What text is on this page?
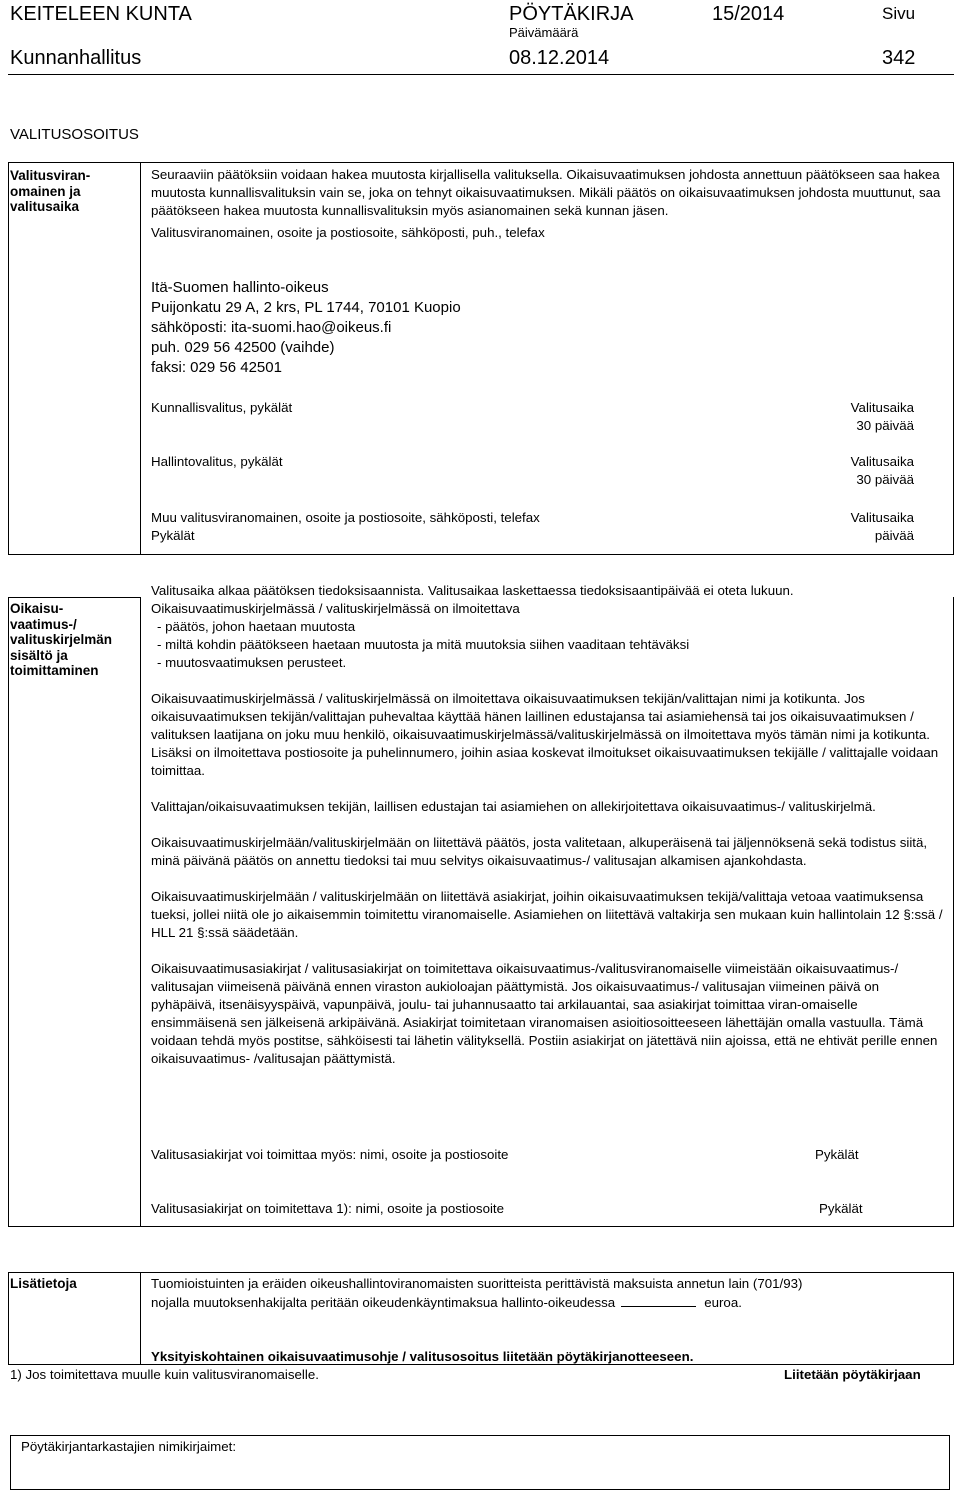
KEITELEEN KUNTA	PÖYTÄKIRJA	15/2014	Sivu
Päivämäärä
Kunnanhallitus	08.12.2014	342
VALITUSOSOITUS
Valitusviran-
omainen ja
valitusaika

Seuraaviin päätöksiin voidaan hakea muutosta kirjallisella valituksella. Oikaisuvaatimuksen johdosta annettuun päätökseen saa hakea muutosta kunnallisvalituksin vain se, joka on tehnyt oikaisuvaatimuksen. Mikäli päätös on oikaisuvaatimuksen johdosta muuttunut, saa päätökseen hakea muutosta kunnallisvalituksin myös asianomainen sekä kunnan jäsen.

Valitusviranomainen, osoite ja postiosoite, sähköposti, puh., telefax

Itä-Suomen hallinto-oikeus
Puijonkatu 29 A, 2 krs, PL 1744, 70101 Kuopio
sähköposti: ita-suomi.hao@oikeus.fi
puh. 029 56 42500 (vaihde)
faksi: 029 56 42501
Kunnallisvalitus, pykälät	Valitusaika
30 päivää
Hallintovalitus, pykälät	Valitusaika
30 päivää
Muu valitusviranomainen, osoite ja postiosoite, sähköposti, telefax
Pykälät
Valitusaika
päivää
Oikaisu-
vaatimus-/
valituskirjelmän
sisältö ja
toimittaminen

Valitusaika alkaa päätöksen tiedoksisaannista. Valitusaikaa laskettaessa tiedoksisaantipäivää ei oteta lukuun.

Oikaisuvaatimuskirjelmässä / valituskirjelmässä on ilmoitettava

- päätös, johon haetaan muutosta
- miltä kohdin päätökseen haetaan muutosta ja mitä muutoksia siihen vaaditaan tehtäväksi
- muutosvaatimuksen perusteet.

Oikaisuvaatimuskirjelmässä / valituskirjelmässä on ilmoitettava oikaisuvaatimuksen tekijän/valittajan nimi ja kotikunta. Jos oikaisuvaatimuksen tekijän/valittajan puhevaltaa käyttää hänen laillinen edustajansa tai asiamiehensä tai jos oikaisuvaatimuksen / valituksen laatijana on joku muu henkilö, oikaisuvaatimuskirjelmässä/valituskirjelmässä on ilmoitettava myös tämän nimi ja kotikunta. Lisäksi on ilmoitettava postiosoite ja puhelinnumero, joihin asiaa koskevat ilmoitukset oikaisuvaatimuksen tekijälle / valittajalle voidaan toimittaa.

Valittajan/oikaisuvaatimuksen tekijän, laillisen edustajan tai asiamiehen on allekirjoitettava oikaisuvaatimus-/ valituskirjelmä.

Oikaisuvaatimuskirjelmään/valituskirjelmään on liitettävä päätös, josta valitetaan, alkuperäisenä tai jäljennöksenä sekä todistus siitä, minä päivänä päätös on annettu tiedoksi tai muu selvitys oikaisuvaatimus-/ valitusajan alkamisen ajankohdasta.

Oikaisuvaatimuskirjelmään / valituskirjelmään on liitettävä asiakirjat, joihin oikaisuvaatimuksen tekijä/valittaja vetoaa vaatimuksensa tueksi, jollei niitä ole jo aikaisemmin toimitettu viranomaiselle. Asiamiehen on liitettävä valtakirja sen mukaan kuin hallintolain 12 §:ssä / HLL 21 §:ssä säädetään.

Oikaisuvaatimusasiakirjat / valitusasiakirjat on toimitettava oikaisuvaatimus-/valitusviranomaiselle viimeistään oikaisuvaatimus-/ valitusajan viimeisenä päivänä ennen viraston aukioloajan päättymistä. Jos oikaisuvaatimus-/ valitusajan viimeinen päivä on pyhäpäivä, itsenäisyyspäivä, vapunpäivä, joulu- tai juhannusaatto tai arkilauantai, saa asiakirjat toimittaa viran-omaiselle ensimmäisenä sen jälkeisenä arkipäivänä. Asiakirjat toimitetaan viranomaisen asioitiosoitteeseen lähettäjän omalla vastuulla. Tämä voidaan tehdä myös postitse, sähköisesti tai lähetin välityksellä. Postiin asiakirjat on jätettävä niin ajoissa, että ne ehtivät perille ennen oikaisuvaatimus- /valitusajan päättymistä.

Valitusasiakirjat voi toimittaa myös: nimi, osoite ja postiosoite	Pykälät
Valitusasiakirjat on toimitettava 1): nimi, osoite ja postiosoite	Pykälät
Lisätietoja	Tuomioistuinten ja eräiden oikeushallintoviranomaisten suoritteista perittävistä maksuista annetun lain (701/93)
nojalla muutoksenhakijalta peritään oikeudenkäyntimaksua hallinto-oikeudessa	euroa.
Yksityiskohtainen oikaisuvaatimusohje / valitusosoitus liitetään pöytäkirjanotteeseen.
1) Jos toimitettava muulle kuin valitusviranomaiselle.	Liitetään pöytäkirjaan
Pöytäkirjantarkastajien nimikirjaimet:
